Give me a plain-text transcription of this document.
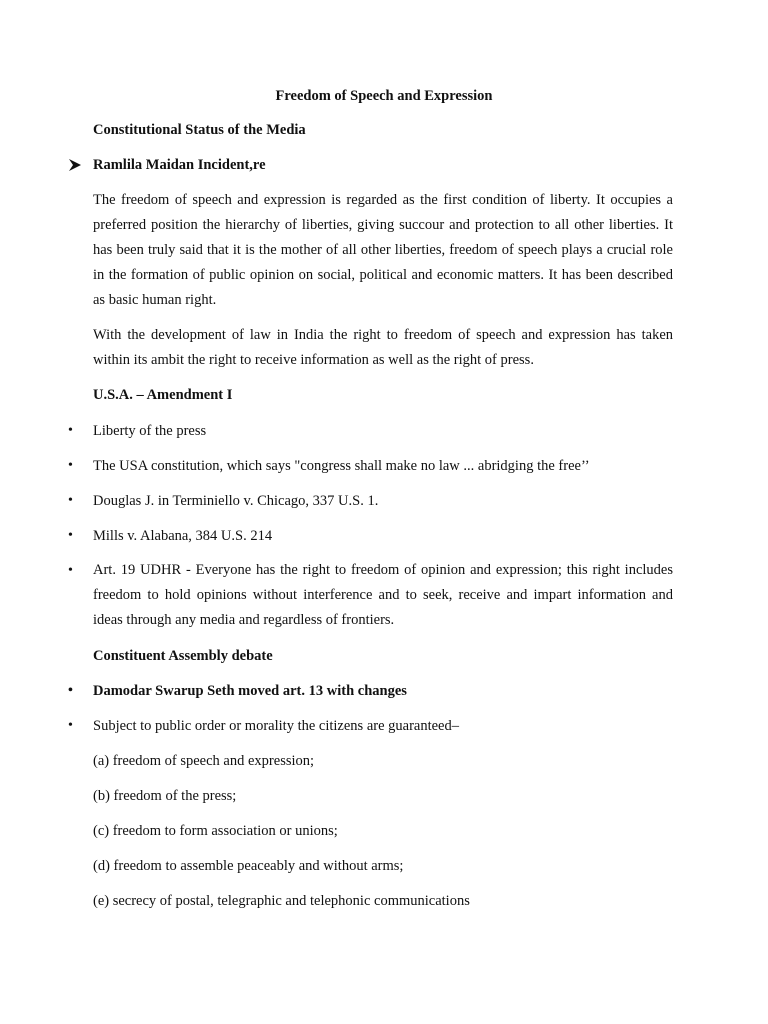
Freedom of Speech and Expression
Constitutional Status of the Media
Ramlila Maidan Incident,re

The freedom of speech and expression is regarded as the first condition of liberty. It occupies a preferred position the hierarchy of liberties, giving succour and protection to all other liberties. It has been truly said that it is the mother of all other liberties, freedom of speech plays a crucial role in the formation of public opinion on social, political and economic matters. It has been described as basic human right.

With the development of law in India the right to freedom of speech and expression has taken within its ambit the right to receive information as well as the right of press.

U.S.A. – Amendment I
• Liberty of the press
• The USA constitution, which says "congress shall make no law ... abridging the free’’
• Douglas J. in Terminiello v. Chicago, 337 U.S. 1.
• Mills v. Alabana, 384 U.S. 214
• Art. 19 UDHR - Everyone has the right to freedom of opinion and expression; this right includes freedom to hold opinions without interference and to seek, receive and impart information and ideas through any media and regardless of frontiers.

Constituent Assembly debate
• Damodar Swarup Seth moved art. 13 with changes
• Subject to public order or morality the citizens are guaranteed–
(a) freedom of speech and expression;
(b) freedom of the press;
(c) freedom to form association or unions;
(d) freedom to assemble peaceably and without arms;
(e) secrecy of postal, telegraphic and telephonic communications
